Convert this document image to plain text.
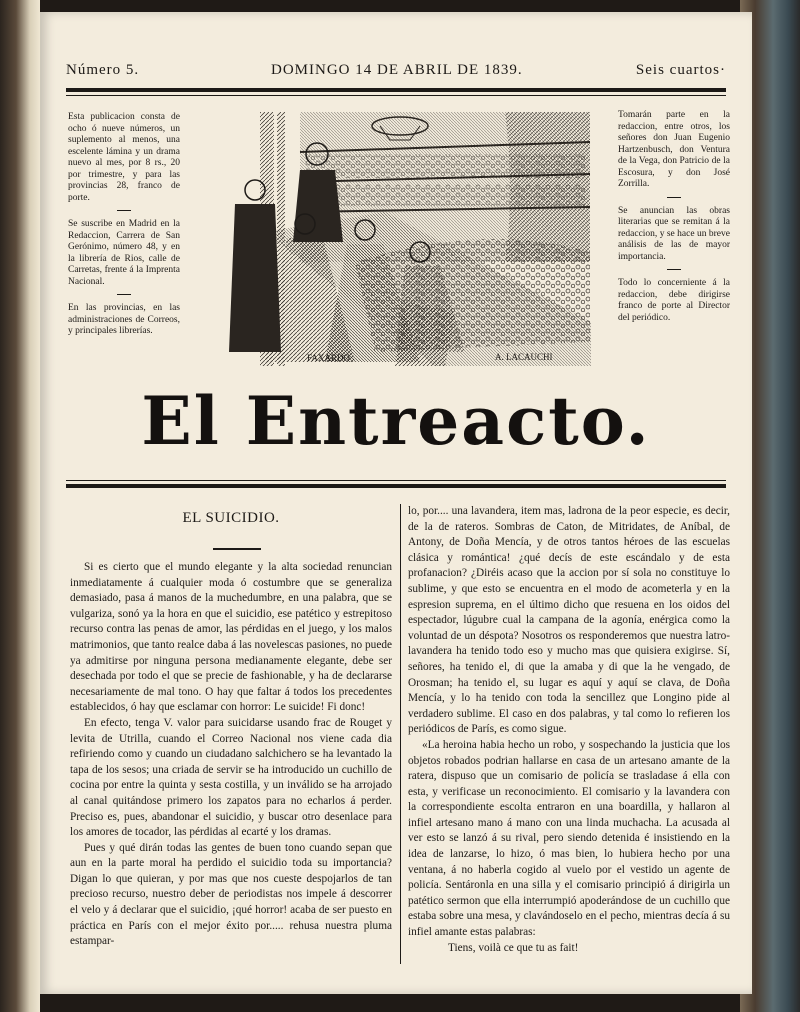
Número 5.	DOMINGO 14 DE ABRIL DE 1839.	Seis cuartos·

Esta publicacion consta de ocho ó nueve números, un suplemento al menos, una escelente lámina y un drama nuevo al mes, por 8 rs., 20 por trimestre, y para las provincias 28, franco de porte.

Se suscribe en Madrid en la Redaccion, Carrera de San Gerónimo, número 48, y en la librería de Rios, calle de Carretas, frente á la Imprenta Nacional.

En las provincias, en las administraciones de Correos, y principales librerías.

Tomarán parte en la redaccion, entre otros, los señores don Juan Eugenio Hartzenbusch, don Ventura de la Vega, don Patricio de la Escosura, y don José Zorrilla.

Se anuncian las obras literarias que se remitan á la redaccion, y se hace un breve análisis de las de mayor importancia.

Todo lo concerniente á la redaccion, debe dirigirse franco de porte al Director del periódico.

FAXARDO	A. LACAUCHI
El Entreacto.
EL SUICIDIO.

Si es cierto que el mundo elegante y la alta sociedad renuncian inmediatamente á cualquier moda ó costumbre que se generaliza demasiado, pasa á manos de la muchedumbre, en una palabra, que se vulgariza, sonó ya la hora en que el suicidio, ese patético y estrepitoso recurso contra las penas de amor, las pérdidas en el juego, y los malos matrimonios, que tanto realce daba á las novelescas pasiones, no puede ya admitirse por ninguna persona medianamente elegante, debe ser desechada por todo el que se precie de fashionable, y ha de declararse necesariamente de mal tono. O hay que faltar á todos los precedentes establecidos, ó hay que esclamar con horror: Le suicide! Fi donc!

En efecto, tenga V. valor para suicidarse usando frac de Rouget y levita de Utrilla, cuando el Correo Nacional nos viene cada dia refiriendo como y cuando un ciudadano salchichero se ha levantado la tapa de los sesos; una criada de servir se ha introducido un cuchillo de cocina por entre la quinta y sesta costilla, y un inválido se ha arrojado al canal quitándose primero los zapatos para no echarlos á perder. Preciso es, pues, abandonar el suicidio, y buscar otro desenlace para los amores de tocador, las pérdidas al ecarté y los dramas.

Pues y qué dirán todas las gentes de buen tono cuando sepan que aun en la parte moral ha perdido el suicidio toda su importancia? Digan lo que quieran, y por mas que nos cueste despojarlos de tan precioso recurso, nuestro deber de periodistas nos impele á descorrer el velo y á declarar que el suicidio, ¡qué horror! acaba de ser puesto en práctica en París con el mejor éxito por..... rehusa nuestra pluma estampar-

lo, por.... una lavandera, item mas, ladrona de la peor especie, es decir, de la de rateros. Sombras de Caton, de Mitridates, de Aníbal, de Antony, de Doña Mencía, y de otros tantos héroes de las escuelas clásica y romántica! ¿qué decís de este escándalo y de esta profanacion? ¿Diréis acaso que la accion por sí sola no constituye lo sublime, y que esto se encuentra en el modo de acometerla y en la espresion suprema, en el último dicho que resuena en los oidos del espectador, lúgubre cual la campana de la agonía, enérgica como la voluntad de un déspota? Nosotros os responderemos que nuestra latro-lavandera ha tenido todo eso y mucho mas que quisiera exigirse. Sí, señores, ha tenido el, di que la amaba y di que la he vengado, de Orosman; ha tenido el, su lugar es aquí y aquí se clava, de Doña Mencía, y lo ha tenido con toda la sencillez que Longino pide al verdadero sublime. El caso en dos palabras, y tal como lo refieren los periódicos de París, es como sigue.

«La heroina habia hecho un robo, y sospechando la justicia que los objetos robados podrian hallarse en casa de un artesano amante de la ratera, dispuso que un comisario de policía se trasladase á ella con esta, y verificase un reconocimiento. El comisario y la lavandera con la correspondiente escolta entraron en una boardilla, y hallaron al infiel artesano mano á mano con una linda muchacha. La acusada al ver esto se lanzó á su rival, pero siendo detenida é insistiendo en la idea de lanzarse, lo hizo, ó mas bien, lo hubiera hecho por una ventana, á no haberla cogido al vuelo por el vestido un agente de policía. Sentáronla en una silla y el comisario principió á dirigirla un patético sermon que ella interrumpió apoderándose de un cuchillo que estaba sobre una mesa, y clavándoselo en el pecho, mientras decía á su infiel amante estas palabras:

Tiens, voilà ce que tu as fait!
